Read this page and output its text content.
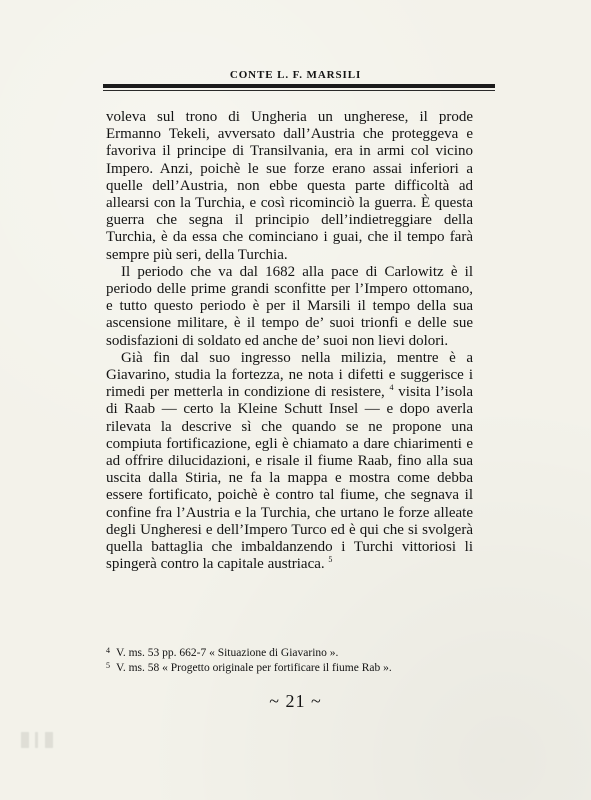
CONTE L. F. MARSILI

voleva sul trono di Ungheria un ungherese, il prode Ermanno Tekeli, avversato dall’Austria che proteggeva e favoriva il principe di Transilvania, era in armi col vicino Impero. Anzi, poichè le sue forze erano assai inferiori a quelle dell’Austria, non ebbe questa parte difficoltà ad allearsi con la Turchia, e così ricominciò la guerra. È questa guerra che segna il principio dell’indietreggiare della Turchia, è da essa che cominciano i guai, che il tempo farà sempre più seri, della Turchia.

Il periodo che va dal 1682 alla pace di Carlowitz è il periodo delle prime grandi sconfitte per l’Impero ottomano, e tutto questo periodo è per il Marsili il tempo della sua ascensione militare, è il tempo de’ suoi trionfi e delle sue sodisfazioni di soldato ed anche de’ suoi non lievi dolori.

Già fin dal suo ingresso nella milizia, mentre è a Giavarino, studia la fortezza, ne nota i difetti e suggerisce i rimedi per metterla in condizione di resistere, $^4$ visita l’isola di Raab — certo la Kleine Schutt Insel — e dopo averla rilevata la descrive sì che quando se ne propone una compiuta fortificazione, egli è chiamato a dare chiarimenti e ad offrire dilucidazioni, e risale il fiume Raab, fino alla sua uscita dalla Stiria, ne fa la mappa e mostra come debba essere fortificato, poichè è contro tal fiume, che segnava il confine fra l’Austria e la Turchia, che urtano le forze alleate degli Ungheresi e dell’Impero Turco ed è qui che si svolgerà quella battaglia che imbaldanzendo i Turchi vittoriosi li spingerà contro la capitale austriaca. $^5$

4 V. ms. 53 pp. 662-7 « Situazione di Giavarino ».

5 V. ms. 58 « Progetto originale per fortificare il fiume Rab ».

~ 21 ~
